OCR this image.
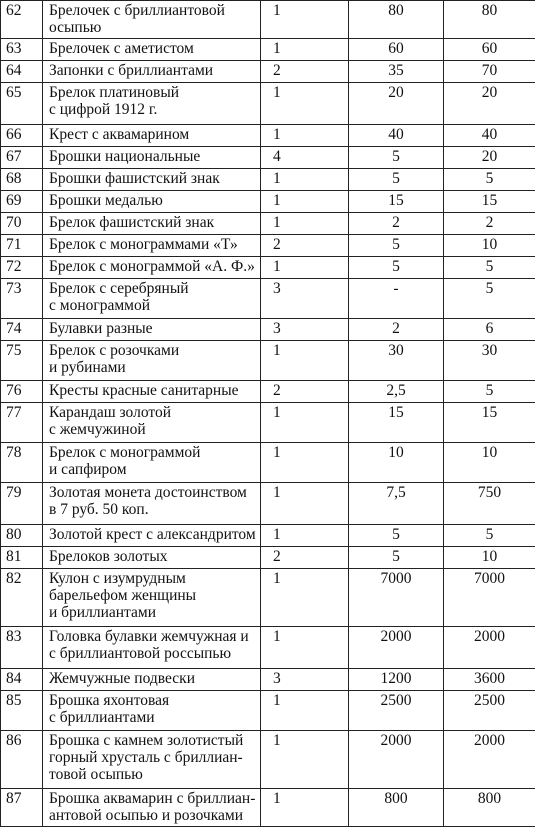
62	Брелочек с бриллиантовой
осыпью	1	80	80
63	Брелочек с аметистом	1	60	60
64	Запонки с бриллиантами	2	35	70
65	Брелок платиновый
с цифрой 1912 г.	1	20	20
66	Крест с аквамарином	1	40	40
67	Брошки национальные	4	5	20
68	Брошки фашистский знак	1	5	5
69	Брошки медалью	1	15	15
70	Брелок фашистский знак	1	2	2
71	Брелок с монограммами «Т»	2	5	10
72	Брелок с монограммой «А. Ф.»	1	5	5
73	Брелок с серебряный
с монограммой	3	-	5
74	Булавки разные	3	2	6
75	Брелок с розочками
и рубинами	1	30	30
76	Кресты красные санитарные	2	2,5	5
77	Карандаш золотой
с жемчужиной	1	15	15
78	Брелок с монограммой
и сапфиром	1	10	10
79	Золотая монета достоинством
в 7 руб. 50 коп.	1	7,5	750
80	Золотой крест с александритом	1	5	5
81	Брелоков золотых	2	5	10
82	Кулон с изумрудным
барельефом женщины
и бриллиантами	1	7000	7000
83	Головка булавки жемчужная и
с бриллиантовой россыпью	1	2000	2000
84	Жемчужные подвески	3	1200	3600
85	Брошка яхонтовая
с бриллиантами	1	2500	2500
86	Брошка с камнем золотистый
горный хрусталь с бриллиан-
товой осыпью	1	2000	2000
87	Брошка аквамарин с бриллиан-
антовой осыпью и розочками	1	800	800
